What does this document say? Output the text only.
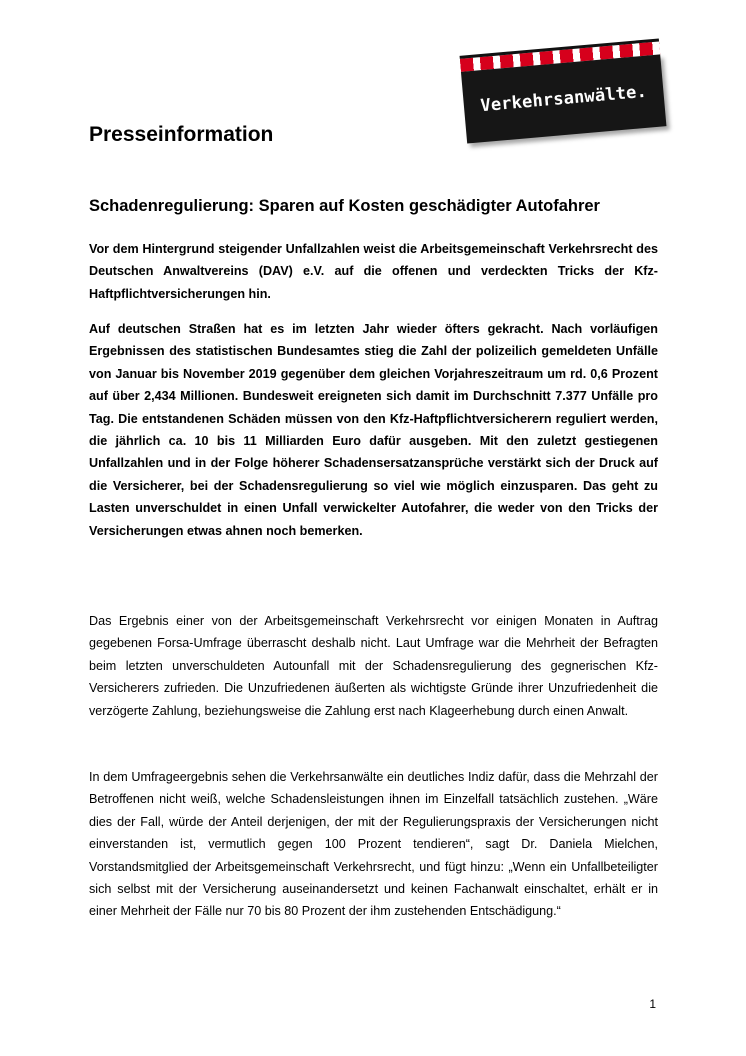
Verkehrsanwälte.
Presseinformation
Schadenregulierung: Sparen auf Kosten geschädigter Autofahrer

Vor dem Hintergrund steigender Unfallzahlen weist die Arbeitsgemeinschaft Verkehrsrecht des Deutschen Anwaltvereins (DAV) e.V. auf die offenen und verdeckten Tricks der Kfz-Haftpflichtversicherungen hin.

Auf deutschen Straßen hat es im letzten Jahr wieder öfters gekracht. Nach vorläufigen Ergebnissen des statistischen Bundesamtes stieg die Zahl der polizeilich gemeldeten Unfälle von Januar bis November 2019 gegenüber dem gleichen Vorjahreszeitraum um rd. 0,6 Prozent auf über 2,434 Millionen. Bundesweit ereigneten sich damit im Durchschnitt 7.377 Unfälle pro Tag. Die entstandenen Schäden müssen von den Kfz-Haftpflichtversicherern reguliert werden, die jährlich ca. 10 bis 11 Milliarden Euro dafür ausgeben. Mit den zuletzt gestiegenen Unfallzahlen und in der Folge höherer Schadensersatzansprüche verstärkt sich der Druck auf die Versicherer, bei der Schadensregulierung so viel wie möglich einzusparen. Das geht zu Lasten unverschuldet in einen Unfall verwickelter Autofahrer, die weder von den Tricks der Versicherungen etwas ahnen noch bemerken.

Das Ergebnis einer von der Arbeitsgemeinschaft Verkehrsrecht vor einigen Monaten in Auftrag gegebenen Forsa-Umfrage überrascht deshalb nicht. Laut Umfrage war die Mehrheit der Befragten beim letzten unverschuldeten Autounfall mit der Schadensregulierung des gegnerischen Kfz-Versicherers zufrieden. Die Unzufriedenen äußerten als wichtigste Gründe ihrer Unzufriedenheit die verzögerte Zahlung, beziehungsweise die Zahlung erst nach Klageerhebung durch einen Anwalt.

In dem Umfrageergebnis sehen die Verkehrsanwälte ein deutliches Indiz dafür, dass die Mehrzahl der Betroffenen nicht weiß, welche Schadensleistungen ihnen im Einzelfall tatsächlich zustehen. „Wäre dies der Fall, würde der Anteil derjenigen, der mit der Regulierungspraxis der Versicherungen nicht einverstanden ist, vermutlich gegen 100 Prozent tendieren“, sagt Dr. Daniela Mielchen, Vorstandsmitglied der Arbeitsgemeinschaft Verkehrsrecht, und fügt hinzu: „Wenn ein Unfallbeteiligter sich selbst mit der Versicherung auseinandersetzt und keinen Fachanwalt einschaltet, erhält er in einer Mehrheit der Fälle nur 70 bis 80 Prozent der ihm zustehenden Entschädigung.“

1
